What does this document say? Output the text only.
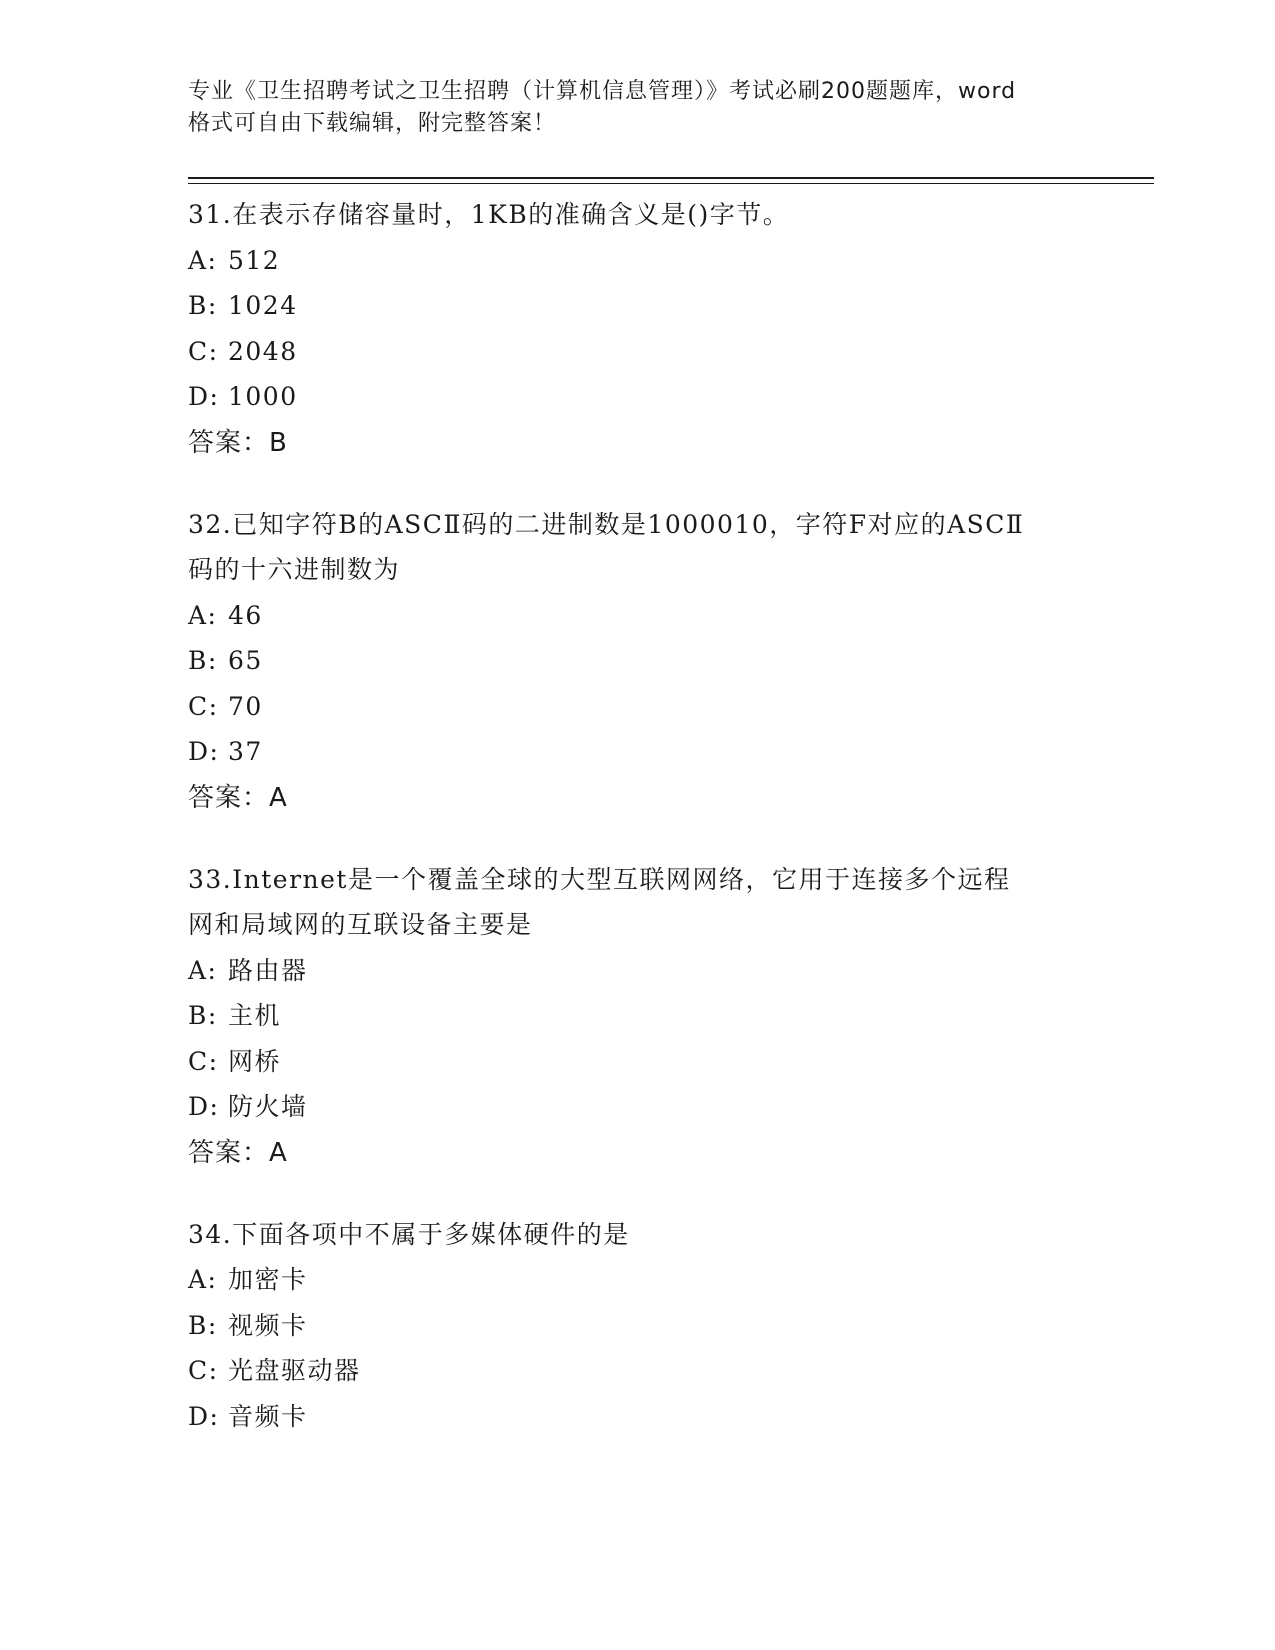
专业《卫生招聘考试之卫生招聘（计算机信息管理）》考试必刷200题题库，word
格式可自由下载编辑，附完整答案！

31.在表示存储容量时，1KB的准确含义是()字节。

A: 512

B: 1024

C: 2048

D: 1000

答案：B

32.已知字符B的ASCⅡ码的二进制数是1000010，字符F对应的ASCⅡ

码的十六进制数为

A: 46

B: 65

C: 70

D: 37

答案：A

33.Internet是一个覆盖全球的大型互联网网络，它用于连接多个远程

网和局域网的互联设备主要是

A: 路由器

B: 主机

C: 网桥

D: 防火墙

答案：A

34.下面各项中不属于多媒体硬件的是

A: 加密卡

B: 视频卡

C: 光盘驱动器

D: 音频卡
